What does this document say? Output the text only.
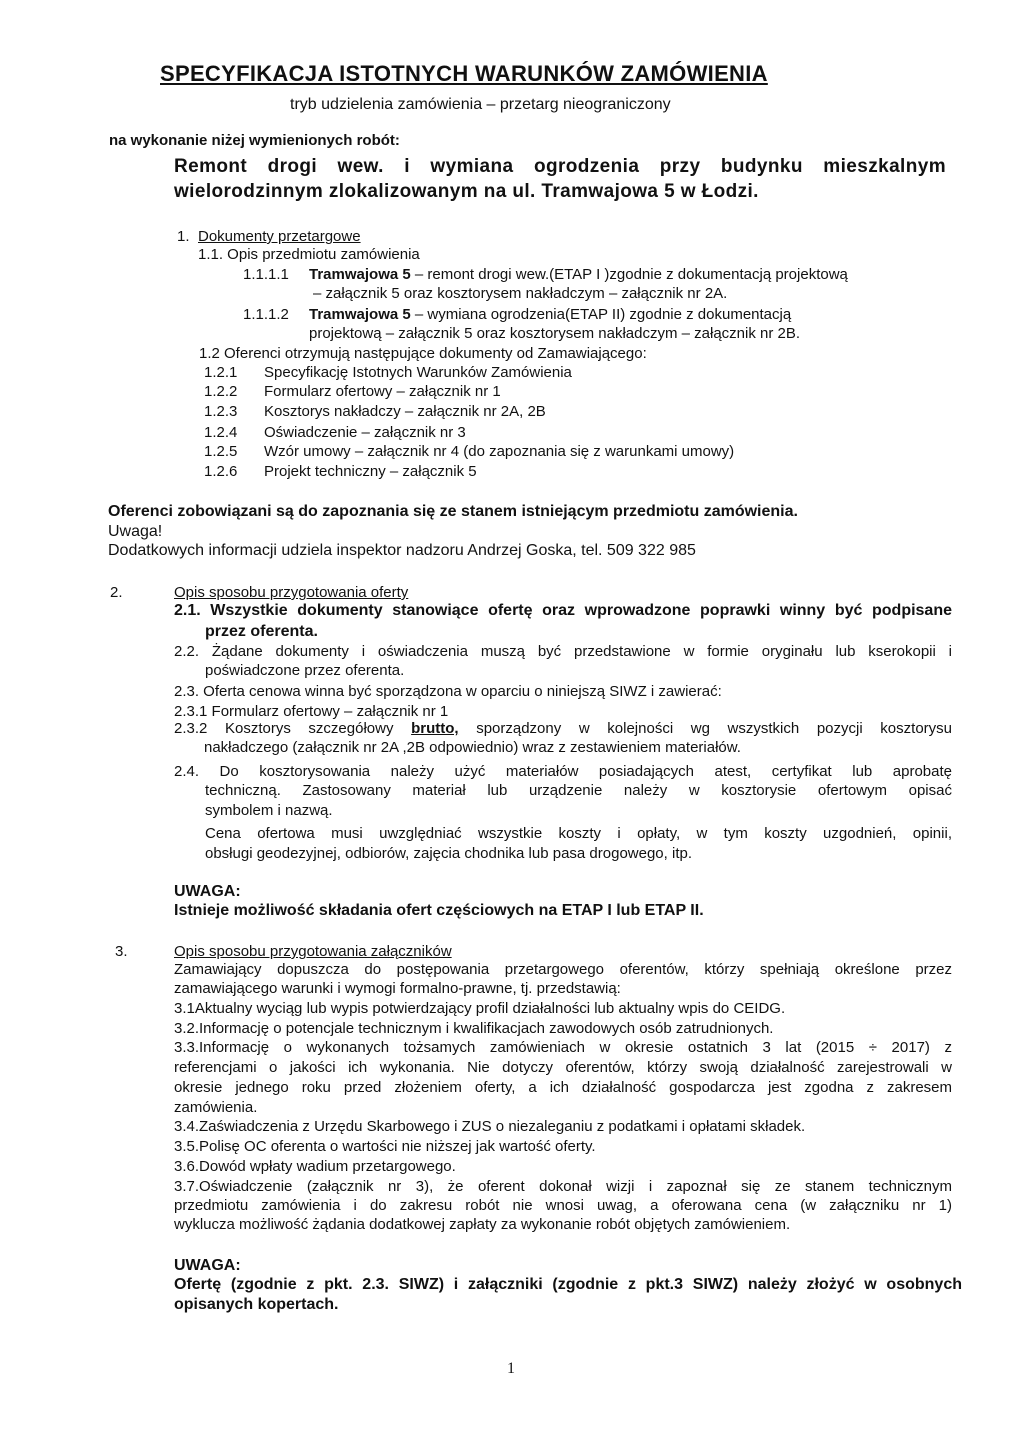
SPECYFIKACJA ISTOTNYCH WARUNKÓW ZAMÓWIENIA
tryb udzielenia zamówienia – przetarg nieograniczony
na wykonanie niżej wymienionych robót:
Remont drogi wew. i wymiana ogrodzenia przy budynku mieszkalnym
wielorodzinnym zlokalizowanym na ul. Tramwajowa 5 w Łodzi.
1. Dokumenty przetargowe
1.1. Opis przedmiotu zamówienia
1.1.1.1 Tramwajowa 5 – remont drogi wew.(ETAP I )zgodnie z dokumentacją projektową
– załącznik 5 oraz kosztorysem nakładczym – załącznik nr 2A.
1.1.1.2 Tramwajowa 5 – wymiana ogrodzenia(ETAP II) zgodnie z dokumentacją
projektową – załącznik 5 oraz kosztorysem nakładczym – załącznik nr 2B.
1.2 Oferenci otrzymują następujące dokumenty od Zamawiającego:
1.2.1 Specyfikację Istotnych Warunków Zamówienia
1.2.2 Formularz ofertowy – załącznik nr 1
1.2.3 Kosztorys nakładczy – załącznik nr 2A, 2B
1.2.4 Oświadczenie – załącznik nr 3
1.2.5 Wzór umowy – załącznik nr 4 (do zapoznania się z warunkami umowy)
1.2.6 Projekt techniczny – załącznik 5
Oferenci zobowiązani są do zapoznania się ze stanem istniejącym przedmiotu zamówienia.
Uwaga!
Dodatkowych informacji udziela inspektor nadzoru Andrzej Goska, tel. 509 322 985
2.	Opis sposobu przygotowania oferty
2.1. Wszystkie dokumenty stanowiące ofertę oraz wprowadzone poprawki winny być podpisane
przez oferenta.
2.2. Żądane dokumenty i oświadczenia muszą być przedstawione w formie oryginału lub kserokopii i
poświadczone przez oferenta.
2.3. Oferta cenowa winna być sporządzona w oparciu o niniejszą SIWZ i zawierać:
2.3.1 Formularz ofertowy – załącznik nr 1
2.3.2 Kosztorys szczegółowy brutto, sporządzony w kolejności wg wszystkich pozycji kosztorysu
nakładczego (załącznik nr 2A ,2B odpowiednio) wraz z zestawieniem materiałów.
2.4. Do kosztorysowania należy użyć materiałów posiadających atest, certyfikat lub aprobatę
techniczną. Zastosowany materiał lub urządzenie należy w kosztorysie ofertowym opisać
symbolem i nazwą.
Cena ofertowa musi uwzględniać wszystkie koszty i opłaty, w tym koszty uzgodnień, opinii,
obsługi geodezyjnej, odbiorów, zajęcia chodnika lub pasa drogowego, itp.
UWAGA:
Istnieje możliwość składania ofert częściowych na ETAP I lub ETAP II.
3.	Opis sposobu przygotowania załączników
Zamawiający dopuszcza do postępowania przetargowego oferentów, którzy spełniają określone przez
zamawiającego warunki i wymogi formalno-prawne, tj. przedstawią:
3.1Aktualny wyciąg lub wypis potwierdzający profil działalności lub aktualny wpis do CEIDG.
3.2.Informację o potencjale technicznym i kwalifikacjach zawodowych osób zatrudnionych.
3.3.Informację o wykonanych tożsamych zamówieniach w okresie ostatnich 3 lat (2015 ÷ 2017) z
referencjami o jakości ich wykonania. Nie dotyczy oferentów, którzy swoją działalność zarejestrowali w
okresie jednego roku przed złożeniem oferty, a ich działalność gospodarcza jest zgodna z zakresem
zamówienia.
3.4.Zaświadczenia z Urzędu Skarbowego i ZUS o niezaleganiu z podatkami i opłatami składek.
3.5.Polisę OC oferenta o wartości nie niższej jak wartość oferty.
3.6.Dowód wpłaty wadium przetargowego.
3.7.Oświadczenie (załącznik nr 3), że oferent dokonał wizji i zapoznał się ze stanem technicznym
przedmiotu zamówienia i do zakresu robót nie wnosi uwag, a oferowana cena (w załączniku nr 1)
wyklucza możliwość żądania dodatkowej zapłaty za wykonanie robót objętych zamówieniem.
UWAGA:
Ofertę (zgodnie z pkt. 2.3. SIWZ) i załączniki (zgodnie z pkt.3 SIWZ) należy złożyć w osobnych
opisanych kopertach.
1
